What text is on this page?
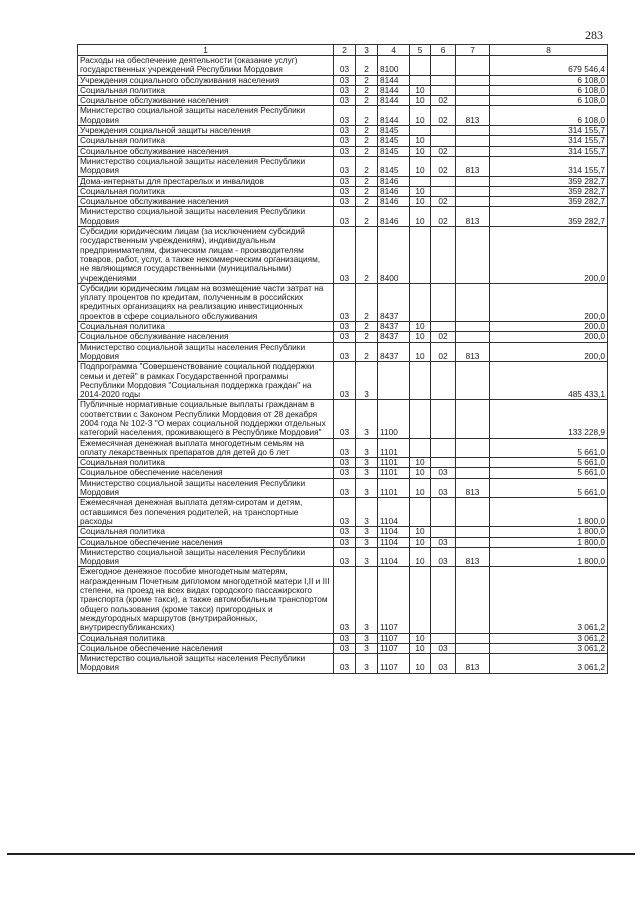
283
1	2	3	4	5	6	7	8
Расходы на обеспечение деятельности (оказание услуг) государственных учреждений Республики Мордовия	03	2	8100				679 546,4
Учреждения социального обслуживания населения	03	2	8144				6 108,0
Социальная политика	03	2	8144	10			6 108,0
Социальное обслуживание населения	03	2	8144	10	02		6 108,0
Министерство социальной защиты населения Республики Мордовия	03	2	8144	10	02	813	6 108,0
Учреждения социальной защиты населения	03	2	8145				314 155,7
Социальная политика	03	2	8145	10			314 155,7
Социальное обслуживание населения	03	2	8145	10	02		314 155,7
Министерство социальной защиты населения Республики Мордовия	03	2	8145	10	02	813	314 155,7
Дома-интернаты для престарелых и инвалидов	03	2	8146				359 282,7
Социальная политика	03	2	8146	10			359 282,7
Социальное обслуживание населения	03	2	8146	10	02		359 282,7
Министерство социальной защиты населения Республики Мордовия	03	2	8146	10	02	813	359 282,7
Субсидии юридическим лицам (за исключением субсидий государственным учреждениям), индивидуальным предпринимателям, физическим лицам - производителям товаров, работ, услуг, а также некоммерческим организациям, не являющимся государственными (муниципальными) учреждениями	03	2	8400				200,0
Субсидии юридическим лицам на возмещение части затрат на уплату процентов по кредитам, полученным в российских кредитных организациях на реализацию инвестиционных проектов в сфере социального обслуживания	03	2	8437				200,0
Социальная политика	03	2	8437	10			200,0
Социальное обслуживание населения	03	2	8437	10	02		200,0
Министерство социальной защиты населения Республики Мордовия	03	2	8437	10	02	813	200,0
Подпрограмма "Совершенствование социальной поддержки семьи и детей" в рамках Государственной программы Республики Мордовия "Социальная поддержка граждан" на 2014-2020 годы	03	3					485 433,1
Публичные нормативные социальные выплаты гражданам в соответствии с Законом Республики Мордовия от 28 декабря 2004 года № 102-З "О мерах социальной поддержки отдельных категорий населения, проживающего в Республике Мордовия"	03	3	1100				133 228,9
Ежемесячная денежная выплата многодетным семьям на оплату лекарственных препаратов для детей до 6 лет	03	3	1101				5 661,0
Социальная политика	03	3	1101	10			5 661,0
Социальное обеспечение населения	03	3	1101	10	03		5 661,0
Министерство социальной защиты населения Республики Мордовия	03	3	1101	10	03	813	5 661,0
Ежемесячная денежная выплата детям-сиротам и детям, оставшимся без попечения родителей, на транспортные расходы	03	3	1104				1 800,0
Социальная политика	03	3	1104	10			1 800,0
Социальное обеспечение населения	03	3	1104	10	03		1 800,0
Министерство социальной защиты населения Республики Мордовия	03	3	1104	10	03	813	1 800,0
Ежегодное денежное пособие многодетным матерям, награжденным Почетным дипломом многодетной матери I,II и III степени, на проезд на всех видах городского пассажирского транспорта (кроме такси), а также автомобильным транспортом общего пользования (кроме такси) пригородных и междугородных маршрутов (внутрирайонных, внутриреспубликанских)	03	3	1107				3 061,2
Социальная политика	03	3	1107	10			3 061,2
Социальное обеспечение населения	03	3	1107	10	03		3 061,2
Министерство социальной защиты населения Республики Мордовия	03	3	1107	10	03	813	3 061,2
